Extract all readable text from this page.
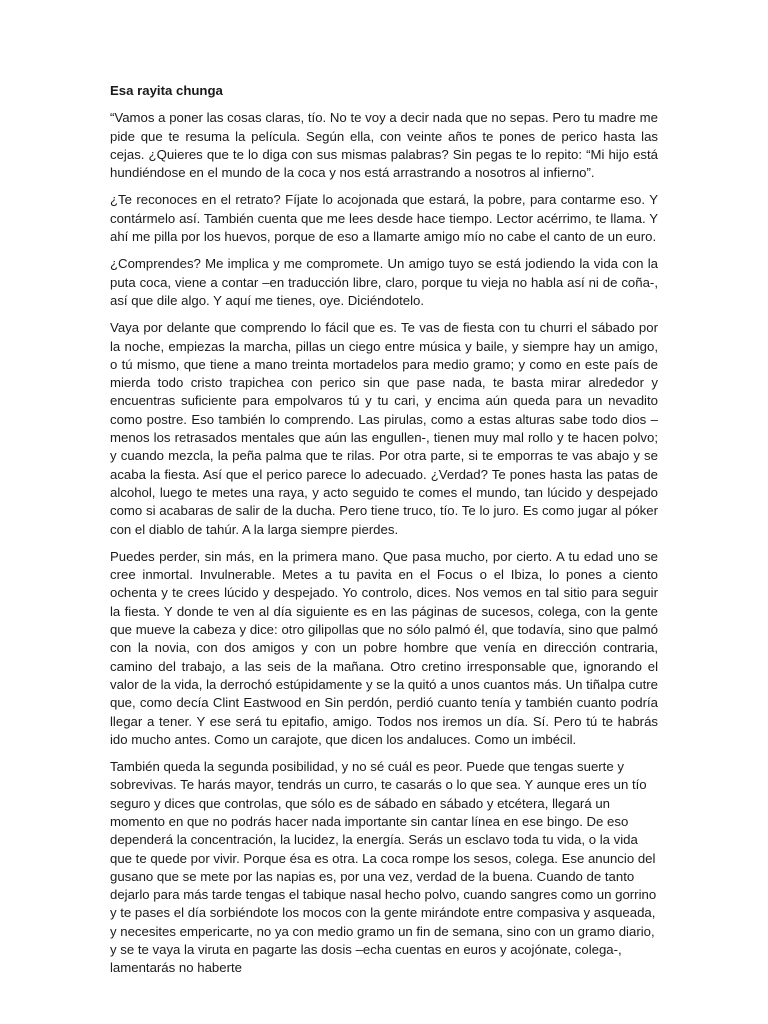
Esa rayita chunga

“Vamos a poner las cosas claras, tío. No te voy a decir nada que no sepas. Pero tu madre me pide que te resuma la película. Según ella, con veinte años te pones de perico hasta las cejas. ¿Quieres que te lo diga con sus mismas palabras? Sin pegas te lo repito: “Mi hijo está hundiéndose en el mundo de la coca y nos está arrastrando a nosotros al infierno”.

¿Te reconoces en el retrato? Fíjate lo acojonada que estará, la pobre, para contarme eso. Y contármelo así. También cuenta que me lees desde hace tiempo. Lector acérrimo, te llama. Y ahí me pilla por los huevos, porque de eso a llamarte amigo mío no cabe el canto de un euro.

¿Comprendes? Me implica y me compromete. Un amigo tuyo se está jodiendo la vida con la puta coca, viene a contar –en traducción libre, claro, porque tu vieja no habla así ni de coña-, así que dile algo. Y aquí me tienes, oye. Diciéndotelo.

Vaya por delante que comprendo lo fácil que es. Te vas de fiesta con tu churri el sábado por la noche, empiezas la marcha, pillas un ciego entre música y baile, y siempre hay un amigo, o tú mismo, que tiene a mano treinta mortadelos para medio gramo; y como en este país de mierda todo cristo trapichea con perico sin que pase nada, te basta mirar alrededor y encuentras suficiente para empolvaros tú y tu cari, y encima aún queda para un nevadito como postre. Eso también lo comprendo. Las pirulas, como a estas alturas sabe todo dios –menos los retrasados mentales que aún las engullen-, tienen muy mal rollo y te hacen polvo; y cuando mezcla, la peña palma que te rilas. Por otra parte, si te emporras te vas abajo y se acaba la fiesta. Así que el perico parece lo adecuado. ¿Verdad? Te pones hasta las patas de alcohol, luego te metes una raya, y acto seguido te comes el mundo, tan lúcido y despejado como si acabaras de salir de la ducha. Pero tiene truco, tío. Te lo juro. Es como jugar al póker con el diablo de tahúr. A la larga siempre pierdes.

Puedes perder, sin más, en la primera mano. Que pasa mucho, por cierto. A tu edad uno se cree inmortal. Invulnerable. Metes a tu pavita en el Focus o el Ibiza, lo pones a ciento ochenta y te crees lúcido y despejado. Yo controlo, dices. Nos vemos en tal sitio para seguir la fiesta. Y donde te ven al día siguiente es en las páginas de sucesos, colega, con la gente que mueve la cabeza y dice: otro gilipollas que no sólo palmó él, que todavía, sino que palmó con la novia, con dos amigos y con un pobre hombre que venía en dirección contraria, camino del trabajo, a las seis de la mañana. Otro cretino irresponsable que, ignorando el valor de la vida, la derrochó estúpidamente y se la quitó a unos cuantos más. Un tiñalpa cutre que, como decía Clint Eastwood en Sin perdón, perdió cuanto tenía y también cuanto podría llegar a tener. Y ese será tu epitafio, amigo. Todos nos iremos un día. Sí. Pero tú te habrás ido mucho antes. Como un carajote, que dicen los andaluces. Como un imbécil.

También queda la segunda posibilidad, y no sé cuál es peor. Puede que tengas suerte y sobrevivas. Te harás mayor, tendrás un curro, te casarás o lo que sea. Y aunque eres un tío seguro y dices que controlas, que sólo es de sábado en sábado y etcétera, llegará un momento en que no podrás hacer nada importante sin cantar línea en ese bingo. De eso dependerá la concentración, la lucidez, la energía. Serás un esclavo toda tu vida, o la vida que te quede por vivir. Porque ésa es otra. La coca rompe los sesos, colega. Ese anuncio del gusano que se mete por las napias es, por una vez, verdad de la buena. Cuando de tanto dejarlo para más tarde tengas el tabique nasal hecho polvo, cuando sangres como un gorrino y te pases el día sorbiéndote los mocos con la gente mirándote entre compasiva y asqueada, y necesites empericarte, no ya con medio gramo un fin de semana, sino con un gramo diario, y se te vaya la viruta en pagarte las dosis –echa cuentas en euros y acojónate, colega-, lamentarás no haberte
